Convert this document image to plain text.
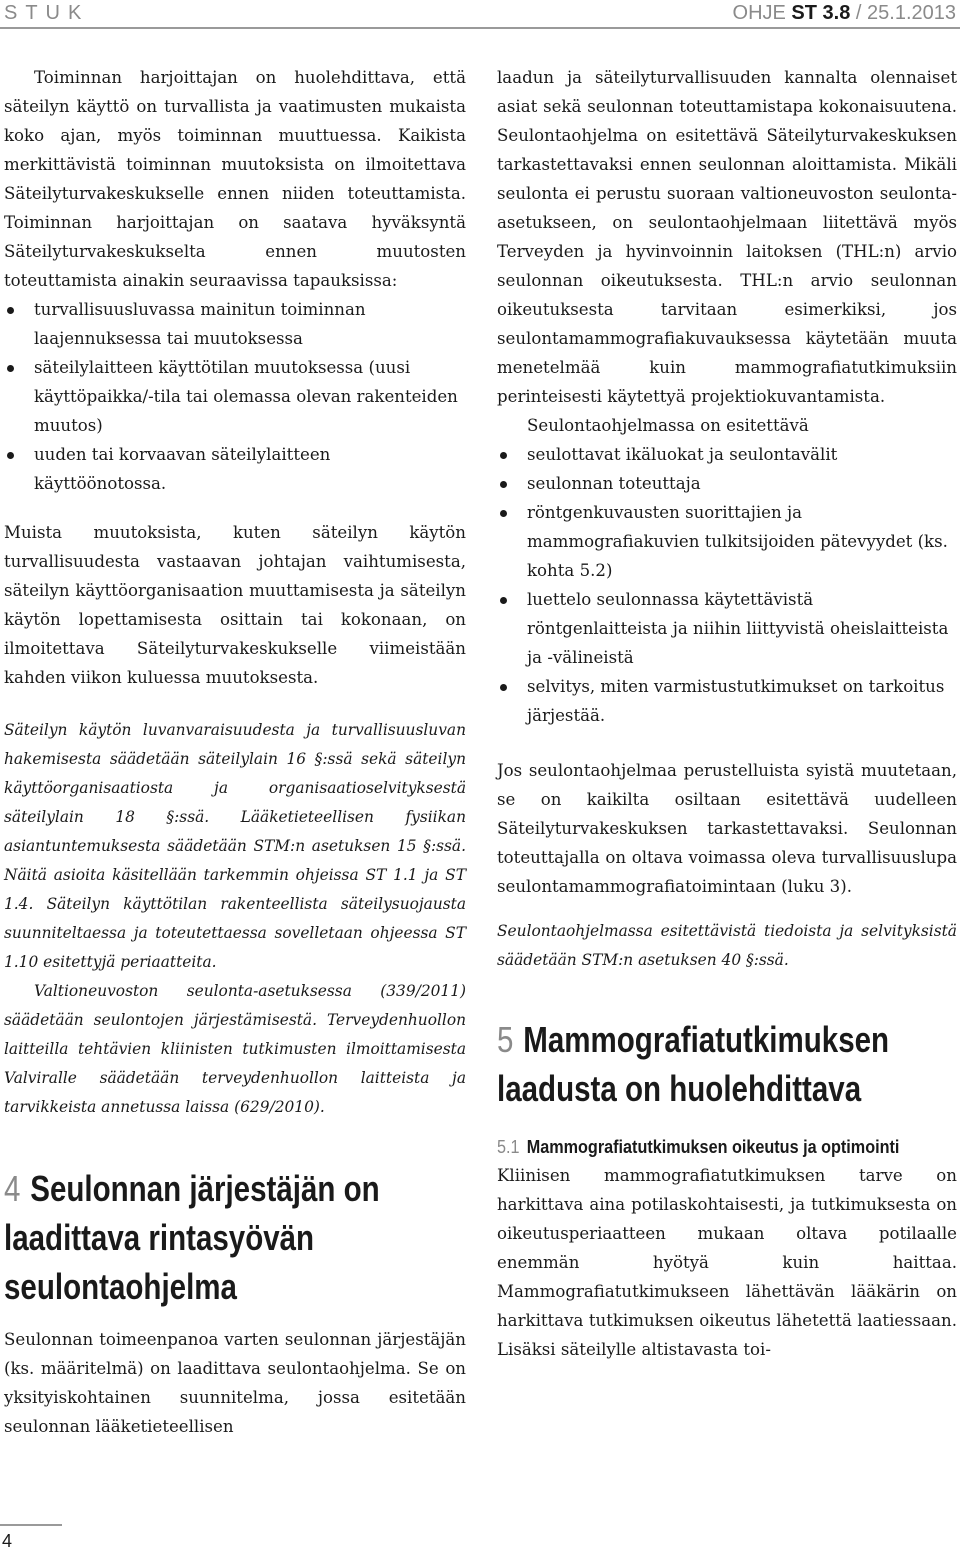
STUK	OHJE ST 3.8 / 25.1.2013

Toiminnan harjoittajan on huolehdittava, että säteilyn käyttö on turvallista ja vaatimusten mukaista koko ajan, myös toiminnan muuttuessa. Kaikista merkittävistä toiminnan muutoksista on ilmoitettava Säteilyturvakeskukselle ennen niiden toteuttamista. Toiminnan harjoittajan on saatava hyväksyntä Säteilyturvakeskukselta ennen muutosten toteuttamista ainakin seuraavissa tapauksissa:

turvallisuusluvassa mainitun toiminnan laajennuksessa tai muutoksessa
säteilylaitteen käyttötilan muutoksessa (uusi käyttöpaikka/-tila tai olemassa olevan rakenteiden muutos)
uuden tai korvaavan säteilylaitteen käyttöönotossa.

Muista muutoksista, kuten säteilyn käytön turvallisuudesta vastaavan johtajan vaihtumisesta, säteilyn käyttöorganisaation muuttamisesta ja säteilyn käytön lopettamisesta osittain tai kokonaan, on ilmoitettava Säteilyturvakeskukselle viimeistään kahden viikon kuluessa muutoksesta.

Säteilyn käytön luvanvaraisuudesta ja turvallisuusluvan hakemisesta säädetään säteilylain 16 §:ssä sekä säteilyn käyttöorganisaatiosta ja organisaatioselvityksestä säteilylain 18 §:ssä. Lääketieteellisen fysiikan asiantuntemuksesta säädetään STM:n asetuksen 15 §:ssä. Näitä asioita käsitellään tarkemmin ohjeissa ST 1.1 ja ST 1.4. Säteilyn käyttötilan rakenteellista säteilysuojausta suunniteltaessa ja toteutettaessa sovelletaan ohjeessa ST 1.10 esitettyjä periaatteita.

Valtioneuvoston seulonta-asetuksessa (339/2011) säädetään seulontojen järjestämisestä. Terveydenhuollon laitteilla tehtävien kliinisten tutkimusten ilmoittamisesta Valviralle säädetään terveydenhuollon laitteista ja tarvikkeista annetussa laissa (629/2010).

4 Seulonnan järjestäjän on laadittava rintasyövän seulontaohjelma

Seulonnan toimeenpanoa varten seulonnan järjestäjän (ks. määritelmä) on laadittava seulontaohjelma. Se on yksityiskohtainen suunnitelma, jossa esitetään seulonnan lääketieteellisen

laadun ja säteilyturvallisuuden kannalta olennaiset asiat sekä seulonnan toteuttamistapa kokonaisuutena. Seulontaohjelma on esitettävä Säteilyturvakeskuksen tarkastettavaksi ennen seulonnan aloittamista. Mikäli seulonta ei perustu suoraan valtioneuvoston seulonta-asetukseen, on seulontaohjelmaan liitettävä myös Terveyden ja hyvinvoinnin laitoksen (THL:n) arvio seulonnan oikeutuksesta. THL:n arvio seulonnan oikeutuksesta tarvitaan esimerkiksi, jos seulontamammografiakuvauksessa käytetään muuta menetelmää kuin mammografiatutkimuksiin perinteisesti käytettyä projektiokuvantamista.

Seulontaohjelmassa on esitettävä

seulottavat ikäluokat ja seulontavälit
seulonnan toteuttaja
röntgenkuvausten suorittajien ja mammografiakuvien tulkitsijoiden pätevyydet (ks. kohta 5.2)
luettelo seulonnassa käytettävistä röntgenlaitteista ja niihin liittyvistä oheislaitteista ja -välineistä
selvitys, miten varmistustutkimukset on tarkoitus järjestää.

Jos seulontaohjelmaa perustelluista syistä muutetaan, se on kaikilta osiltaan esitettävä uudelleen Säteilyturvakeskuksen tarkastettavaksi. Seulonnan toteuttajalla on oltava voimassa oleva turvallisuuslupa seulontamammografiatoimintaan (luku 3).

Seulontaohjelmassa esitettävistä tiedoista ja selvityksistä säädetään STM:n asetuksen 40 §:ssä.

5 Mammografiatutkimuksen laadusta on huolehdittava
5.1 Mammografiatutkimuksen oikeutus ja optimointi

Kliinisen mammografiatutkimuksen tarve on harkittava aina potilaskohtaisesti, ja tutkimuksesta on oikeutusperiaatteen mukaan oltava potilaalle enemmän hyötyä kuin haittaa. Mammografiatutkimukseen lähettävän lääkärin on harkittava tutkimuksen oikeutus lähetettä laatiessaan. Lisäksi säteilylle altistavasta toi-

4
